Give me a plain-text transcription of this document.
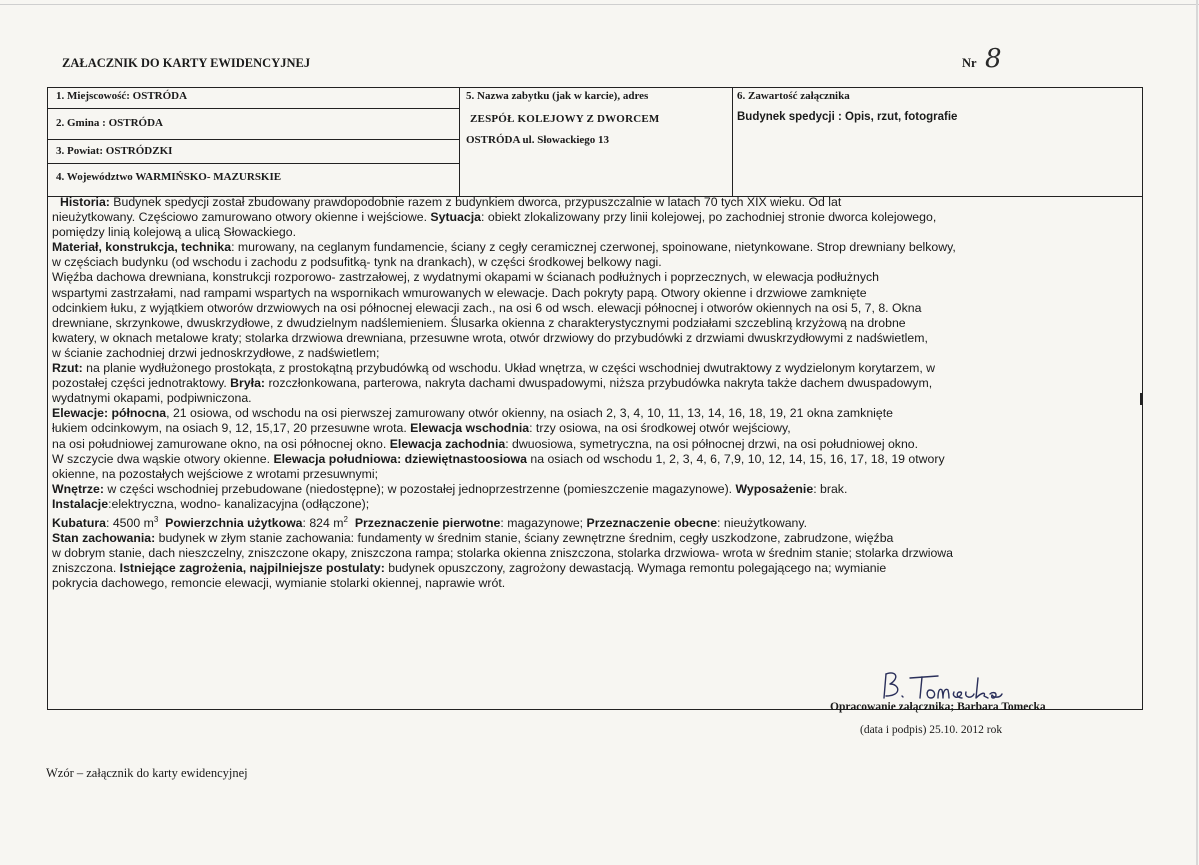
ZAŁACZNIK DO KARTY EWIDENCYJNEJ	Nr 8
1. Miejscowość: OSTRÓDA
2. Gmina : OSTRÓDA
3. Powiat: OSTRÓDZKI
4. Województwo WARMIŃSKO- MAZURSKIE
5. Nazwa zabytku (jak w karcie), adres
ZESPÓŁ KOLEJOWY Z DWORCEM
OSTRÓDA ul. Słowackiego 13
6. Zawartość załącznika
Budynek spedycji : Opis, rzut, fotografie
Historia: Budynek spedycji został zbudowany prawdopodobnie razem z budynkiem dworca, przypuszczalnie w latach 70 tych XIX wieku. Od lat
nieużytkowany. Częściowo zamurowano otwory okienne i wejściowe. Sytuacja: obiekt zlokalizowany przy linii kolejowej, po zachodniej stronie dworca kolejowego,
pomiędzy linią kolejową a ulicą Słowackiego.
Materiał, konstrukcja, technika: murowany, na ceglanym fundamencie, ściany z cegły ceramicznej czerwonej, spoinowane, nietynkowane. Strop drewniany belkowy,
w częściach budynku (od wschodu i zachodu z podsufitką- tynk na drankach), w części środkowej belkowy nagi.
Więźba dachowa drewniana, konstrukcji rozporowo- zastrzałowej, z wydatnymi okapami w ścianach podłużnych i poprzecznych, w elewacja podłużnych
wspartymi zastrzałami, nad rampami wspartych na wspornikach wmurowanych w elewacje. Dach pokryty papą. Otwory okienne i drzwiowe zamknięte
odcinkiem łuku, z wyjątkiem otworów drzwiowych na osi północnej elewacji zach., na osi 6 od wsch. elewacji północnej i otworów okiennych na osi 5, 7, 8. Okna
drewniane, skrzynkowe, dwuskrzydłowe, z dwudzielnym nadślemieniem. Ślusarka okienna z charakterystycznymi podziałami szczebliną krzyżową na drobne
kwatery, w oknach metalowe kraty; stolarka drzwiowa drewniana, przesuwne wrota, otwór drzwiowy do przybudówki z drzwiami dwuskrzydłowymi z nadświetlem,
w ścianie zachodniej drzwi jednoskrzydłowe, z nadświetlem;
Rzut: na planie wydłużonego prostokąta, z prostokątną przybudówką od wschodu. Układ wnętrza, w części wschodniej dwutraktowy z wydzielonym korytarzem, w
pozostałej części jednotraktowy. Bryła: rozczłonkowana, parterowa, nakryta dachami dwuspadowymi, niższa przybudówka nakryta także dachem dwuspadowym,
wydatnymi okapami, podpiwniczona.
Elewacje: północna, 21 osiowa, od wschodu na osi pierwszej zamurowany otwór okienny, na osiach 2, 3, 4, 10, 11, 13, 14, 16, 18, 19, 21 okna zamknięte
łukiem odcinkowym, na osiach 9, 12, 15,17, 20 przesuwne wrota. Elewacja wschodnia: trzy osiowa, na osi środkowej otwór wejściowy,
na osi południowej zamurowane okno, na osi północnej okno. Elewacja zachodnia: dwuosiowa, symetryczna, na osi północnej drzwi, na osi południowej okno.
W szczycie dwa wąskie otwory okienne. Elewacja południowa: dziewiętnastoosiowa na osiach od wschodu 1, 2, 3, 4, 6, 7,9, 10, 12, 14, 15, 16, 17, 18, 19 otwory
okienne, na pozostałych wejściowe z wrotami przesuwnymi;
Wnętrze: w części wschodniej przebudowane (niedostępne); w pozostałej jednoprzestrzenne (pomieszczenie magazynowe). Wyposażenie: brak.
Instalacje:elektryczna, wodno- kanalizacyjna (odłączone);
Kubatura: 4500 $m^3$ Powierzchnia użytkowa: 824 $m^2$ Przeznaczenie pierwotne: magazynowe; Przeznaczenie obecne: nieużytkowany.
Stan zachowania: budynek w złym stanie zachowania: fundamenty w średnim stanie, ściany zewnętrzne średnim, cegły uszkodzone, zabrudzone, więźba
w dobrym stanie, dach nieszczelny, zniszczone okapy, zniszczona rampa; stolarka okienna zniszczona, stolarka drzwiowa- wrota w średnim stanie; stolarka drzwiowa
zniszczona. Istniejące zagrożenia, najpilniejsze postulaty: budynek opuszczony, zagrożony dewastacją. Wymaga remontu polegającego na; wymianie
pokrycia dachowego, remoncie elewacji, wymianie stolarki okiennej, naprawie wrót.
Opracowanie załącznika; Barbara Tomecka
(data i podpis) 25.10. 2012 rok
Wzór – załącznik do karty ewidencyjnej
